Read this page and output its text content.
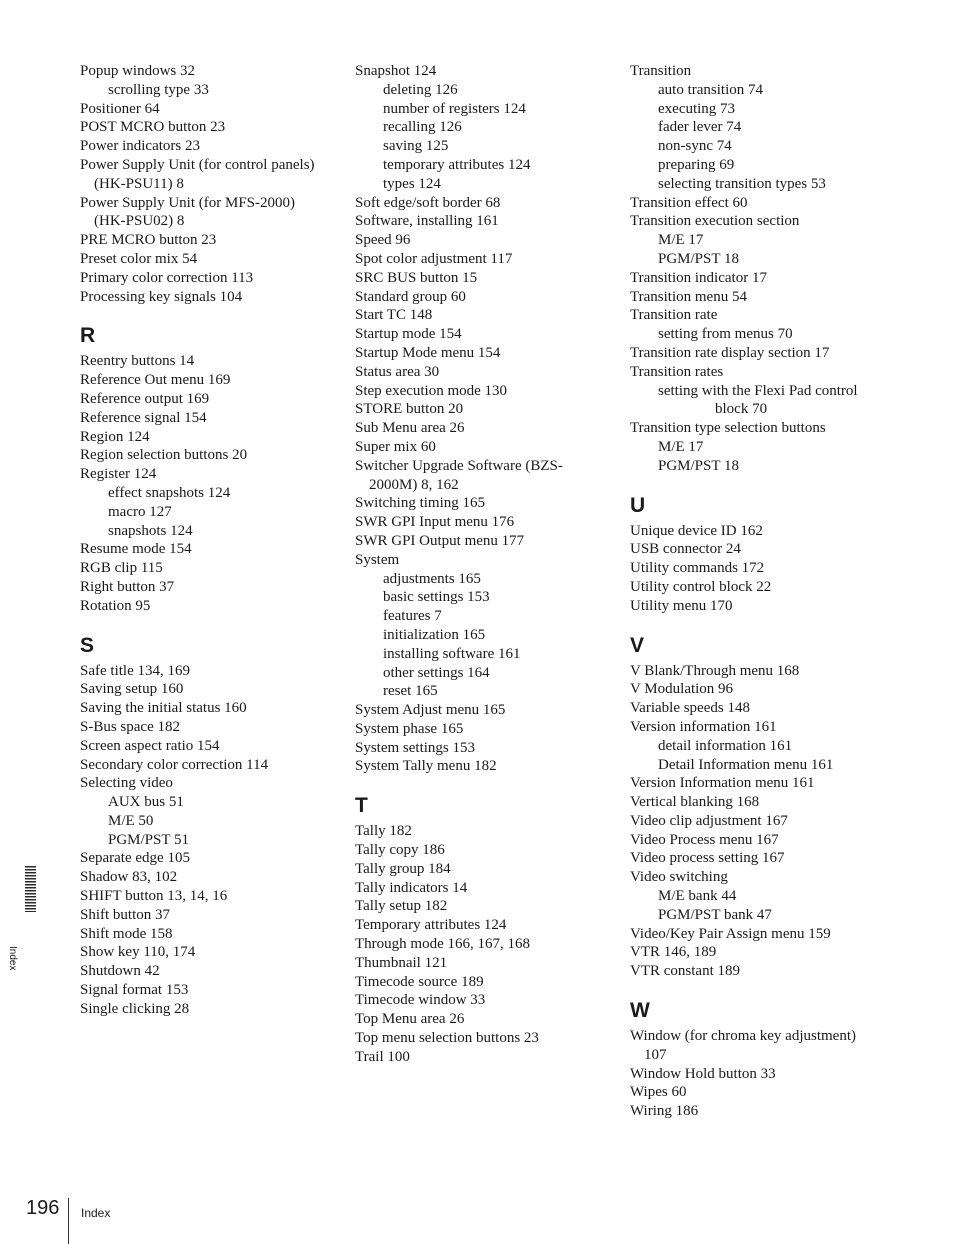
Popup windows 32
scrolling type 33
Positioner 64
POST MCRO button 23
Power indicators 23
Power Supply Unit (for control panels)
(HK-PSU11) 8
Power Supply Unit (for MFS-2000)
(HK-PSU02) 8
PRE MCRO button 23
Preset color mix 54
Primary color correction 113
Processing key signals 104
R
Reentry buttons 14
Reference Out menu 169
Reference output 169
Reference signal 154
Region 124
Region selection buttons 20
Register 124
effect snapshots 124
macro 127
snapshots 124
Resume mode 154
RGB clip 115
Right button 37
Rotation 95
S
Safe title 134, 169
Saving setup 160
Saving the initial status 160
S-Bus space 182
Screen aspect ratio 154
Secondary color correction 114
Selecting video
AUX bus 51
M/E 50
PGM/PST 51
Separate edge 105
Shadow 83, 102
SHIFT button 13, 14, 16
Shift button 37
Shift mode 158
Show key 110, 174
Shutdown 42
Signal format 153
Single clicking 28
Snapshot 124
deleting 126
number of registers 124
recalling 126
saving 125
temporary attributes 124
types 124
Soft edge/soft border 68
Software, installing 161
Speed 96
Spot color adjustment 117
SRC BUS button 15
Standard group 60
Start TC 148
Startup mode 154
Startup Mode menu 154
Status area 30
Step execution mode 130
STORE button 20
Sub Menu area 26
Super mix 60
Switcher Upgrade Software (BZS-
2000M) 8, 162
Switching timing 165
SWR GPI Input menu 176
SWR GPI Output menu 177
System
adjustments 165
basic settings 153
features 7
initialization 165
installing software 161
other settings 164
reset 165
System Adjust menu 165
System phase 165
System settings 153
System Tally menu 182
T
Tally 182
Tally copy 186
Tally group 184
Tally indicators 14
Tally setup 182
Temporary attributes 124
Through mode 166, 167, 168
Thumbnail 121
Timecode source 189
Timecode window 33
Top Menu area 26
Top menu selection buttons 23
Trail 100
Transition
auto transition 74
executing 73
fader lever 74
non-sync 74
preparing 69
selecting transition types 53
Transition effect 60
Transition execution section
M/E 17
PGM/PST 18
Transition indicator 17
Transition menu 54
Transition rate
setting from menus 70
Transition rate display section 17
Transition rates
setting with the Flexi Pad control
block 70
Transition type selection buttons
M/E 17
PGM/PST 18
U
Unique device ID 162
USB connector 24
Utility commands 172
Utility control block 22
Utility menu 170
V
V Blank/Through menu 168
V Modulation 96
Variable speeds 148
Version information 161
detail information 161
Detail Information menu 161
Version Information menu 161
Vertical blanking 168
Video clip adjustment 167
Video Process menu 167
Video process setting 167
Video switching
M/E bank 44
PGM/PST bank 47
Video/Key Pair Assign menu 159
VTR 146, 189
VTR constant 189
W
Window (for chroma key adjustment)
107
Window Hold button 33
Wipes 60
Wiring 186
Index
196 Index
